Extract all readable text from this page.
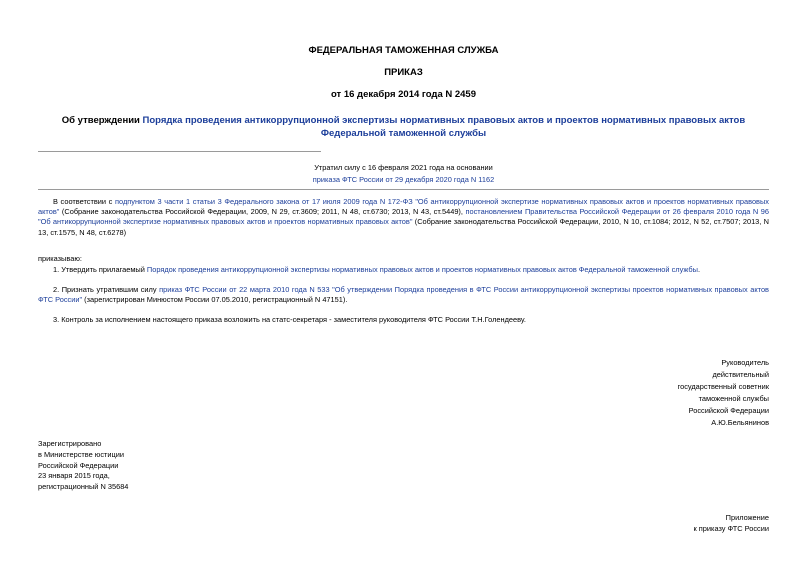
ФЕДЕРАЛЬНАЯ ТАМОЖЕННАЯ СЛУЖБА
ПРИКАЗ
от 16 декабря 2014 года N 2459
Об утверждении Порядка проведения антикоррупционной экспертизы нормативных правовых актов и проектов нормативных правовых актов Федеральной таможенной службы
Утратил силу с 16 февраля 2021 года на основании
приказа ФТС России от 29 декабря 2020 года N 1162
В соответствии с подпунктом 3 части 1 статьи 3 Федерального закона от 17 июля 2009 года N 172-ФЗ "Об антикоррупционной экспертизе нормативных правовых актов и проектов нормативных правовых актов" (Собрание законодательства Российской Федерации, 2009, N 29, ст.3609; 2011, N 48, ст.6730; 2013, N 43, ст.5449), постановлением Правительства Российской Федерации от 26 февраля 2010 года N 96 "Об антикоррупционной экспертизе нормативных правовых актов и проектов нормативных правовых актов" (Собрание законодательства Российской Федерации, 2010, N 10, ст.1084; 2012, N 52, ст.7507; 2013, N 13, ст.1575, N 48, ст.6278)
приказываю:
1. Утвердить прилагаемый Порядок проведения антикоррупционной экспертизы нормативных правовых актов и проектов нормативных правовых актов Федеральной таможенной службы.
2. Признать утратившим силу приказ ФТС России от 22 марта 2010 года N 533 "Об утверждении Порядка проведения в ФТС России антикоррупционной экспертизы проектов нормативных правовых актов ФТС России" (зарегистрирован Минюстом России 07.05.2010, регистрационный N 47151).
3. Контроль за исполнением настоящего приказа возложить на статс-секретаря - заместителя руководителя ФТС России Т.Н.Голендееву.
Руководитель
действительный
государственный советник
таможенной службы
Российской Федерации
А.Ю.Бельянинов
Зарегистрировано
в Министерстве юстиции
Российской Федерации
23 января 2015 года,
регистрационный N 35684
Приложение
к приказу ФТС России
